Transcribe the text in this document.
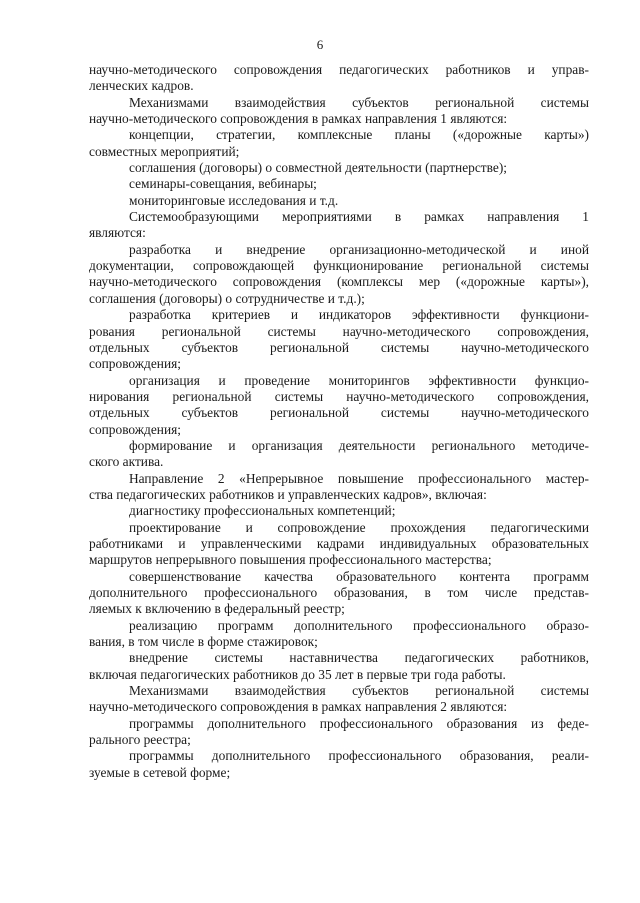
6

научно-методического сопровождения педагогических работников и управ-

ленческих кадров.

Механизмами взаимодействия субъектов региональной системы

научно-методического сопровождения в рамках направления 1 являются:

концепции, стратегии, комплексные планы («дорожные карты»)

совместных мероприятий;

соглашения (договоры) о совместной деятельности (партнерстве);

семинары-совещания, вебинары;

мониторинговые исследования и т.д.

Системообразующими мероприятиями в рамках направления 1

являются:

разработка и внедрение организационно-методической и иной

документации, сопровождающей функционирование региональной системы

научно-методического сопровождения (комплексы мер («дорожные карты»),

соглашения (договоры) о сотрудничестве и т.д.);

разработка критериев и индикаторов эффективности функциони-

рования региональной системы научно-методического сопровождения,

отдельных субъектов региональной системы научно-методического

сопровождения;

организация и проведение мониторингов эффективности функцио-

нирования региональной системы научно-методического сопровождения,

отдельных субъектов региональной системы научно-методического

сопровождения;

формирование и организация деятельности регионального методиче-

ского актива.

Направление 2 «Непрерывное повышение профессионального мастер-

ства педагогических работников и управленческих кадров», включая:

диагностику профессиональных компетенций;

проектирование и сопровождение прохождения педагогическими

работниками и управленческими кадрами индивидуальных образовательных

маршрутов непрерывного повышения профессионального мастерства;

совершенствование качества образовательного контента программ

дополнительного профессионального образования, в том числе представ-

ляемых к включению в федеральный реестр;

реализацию программ дополнительного профессионального образо-

вания, в том числе в форме стажировок;

внедрение системы наставничества педагогических работников,

включая педагогических работников до 35 лет в первые три года работы.

Механизмами взаимодействия субъектов региональной системы

научно-методического сопровождения в рамках направления 2 являются:

программы дополнительного профессионального образования из феде-

рального реестра;

программы дополнительного профессионального образования, реали-

зуемые в сетевой форме;
